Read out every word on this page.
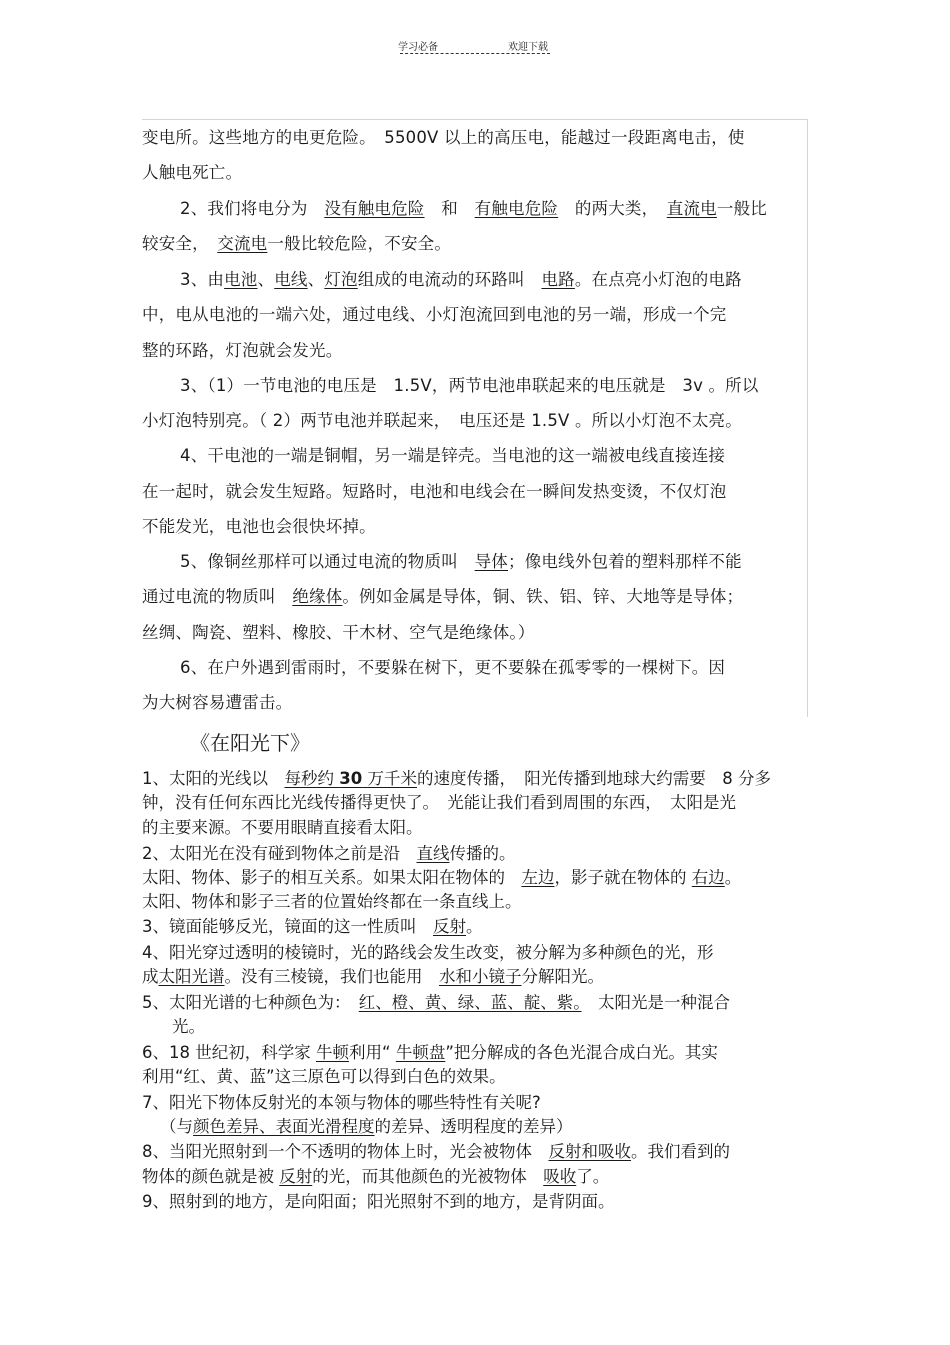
学习必备	欢迎下载

变电所。这些地方的电更危险。　 5500V 以上的高压电，能越过一段距离电击，使

人触电死亡。

2、我们将电分为　 没有触电危险　 和　 有触电危险　 的两大类，　 直流电一般比

较安全，　 交流电一般比较危险，不安全。

3、由电池、电线、灯泡组成的电流动的环路叫　 电路。在点亮小灯泡的电路

中，电从电池的一端六处，通过电线、小灯泡流回到电池的另一端，形成一个完

整的环路，灯泡就会发光。

3、（1）一节电池的电压是　1.5V，两节电池串联起来的电压就是　3v 。所以

小灯泡特别亮。（ 2）两节电池并联起来，　电压还是 1.5V 。所以小灯泡不太亮。

4、干电池的一端是铜帽，另一端是锌壳。当电池的这一端被电线直接连接

在一起时，就会发生短路。短路时，电池和电线会在一瞬间发热变烫，不仅灯泡

不能发光，电池也会很快坏掉。

5、像铜丝那样可以通过电流的物质叫　 导体；像电线外包着的塑料那样不能

通过电流的物质叫　 绝缘体。例如金属是导体，铜、铁、铝、锌、大地等是导体；

丝绸、陶瓷、塑料、橡胶、干木材、空气是绝缘体。）

6、在户外遇到雷雨时，不要躲在树下，更不要躲在孤零零的一棵树下。因

为大树容易遭雷击。

《在阳光下》

1、太阳的光线以　 每秒约 30 万千米的速度传播，　阳光传播到地球大约需要　8 分多

钟，没有任何东西比光线传播得更快了。　光能让我们看到周围的东西，　太阳是光

的主要来源。不要用眼睛直接看太阳。

2、太阳光在没有碰到物体之前是沿　 直线传播的。

太阳、物体、影子的相互关系。如果太阳在物体的　 左边，影子就在物体的 右边。

太阳、物体和影子三者的位置始终都在一条直线上。

3、镜面能够反光，镜面的这一性质叫　 反射。

4、阳光穿过透明的棱镜时，光的路线会发生改变，被分解为多种颜色的光，形

成太阳光谱。没有三棱镜，我们也能用　 水和小镜子分解阳光。

5、太阳光谱的七种颜色为：　 红、橙、黄、绿、蓝、靛、紫。　太阳光是一种混合

光。

6、18 世纪初，科学家 牛顿利用“ 牛顿盘”把分解成的各色光混合成白光。其实

利用“红、黄、蓝”这三原色可以得到白色的效果。

7、阳光下物体反射光的本领与物体的哪些特性有关呢?

（与颜色差异、表面光滑程度的差异、透明程度的差异）

8、当阳光照射到一个不透明的物体上时，光会被物体　 反射和吸收。我们看到的

物体的颜色就是被 反射的光，而其他颜色的光被物体　 吸收了。

9、照射到的地方，是向阳面；阳光照射不到的地方，是背阴面。
